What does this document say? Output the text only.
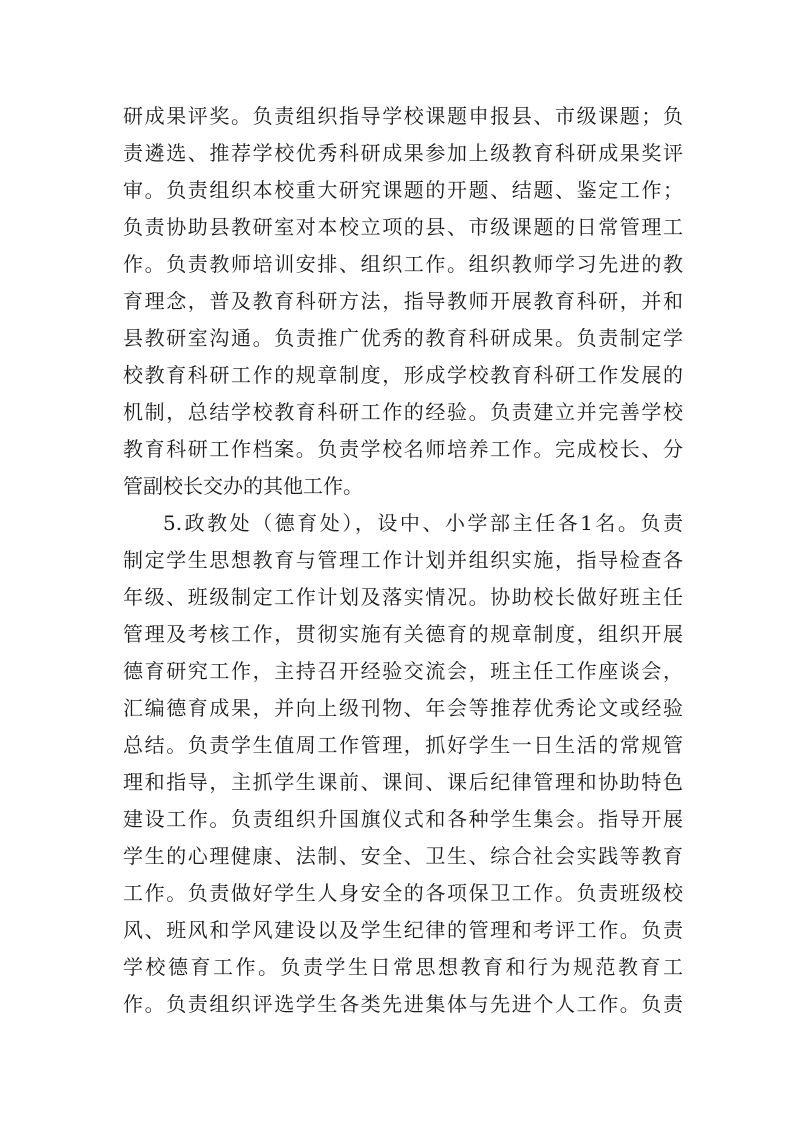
研成果评奖。负责组织指导学校课题申报县、市级课题；负
责遴选、推荐学校优秀科研成果参加上级教育科研成果奖评
审。负责组织本校重大研究课题的开题、结题、鉴定工作；
负责协助县教研室对本校立项的县、市级课题的日常管理工
作。负责教师培训安排、组织工作。组织教师学习先进的教
育理念，普及教育科研方法，指导教师开展教育科研，并和
县教研室沟通。负责推广优秀的教育科研成果。负责制定学
校教育科研工作的规章制度，形成学校教育科研工作发展的
机制，总结学校教育科研工作的经验。负责建立并完善学校
教育科研工作档案。负责学校名师培养工作。完成校长、分
管副校长交办的其他工作。
5.政教处（德育处），设中、小学部主任各1名。负责
制定学生思想教育与管理工作计划并组织实施，指导检查各
年级、班级制定工作计划及落实情况。协助校长做好班主任
管理及考核工作，贯彻实施有关德育的规章制度，组织开展
德育研究工作，主持召开经验交流会，班主任工作座谈会，
汇编德育成果，并向上级刊物、年会等推荐优秀论文或经验
总结。负责学生值周工作管理，抓好学生一日生活的常规管
理和指导，主抓学生课前、课间、课后纪律管理和协助特色
建设工作。负责组织升国旗仪式和各种学生集会。指导开展
学生的心理健康、法制、安全、卫生、综合社会实践等教育
工作。负责做好学生人身安全的各项保卫工作。负责班级校
风、班风和学风建设以及学生纪律的管理和考评工作。负责
学校德育工作。负责学生日常思想教育和行为规范教育工
作。负责组织评选学生各类先进集体与先进个人工作。负责
